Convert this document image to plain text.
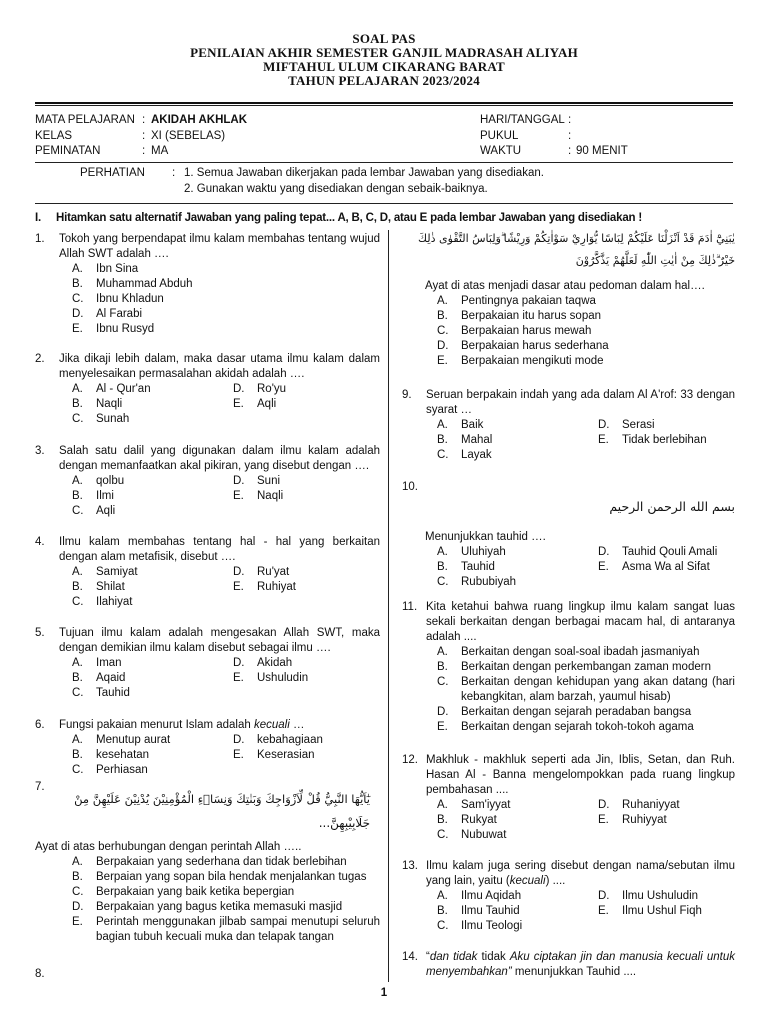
SOAL PAS
PENILAIAN AKHIR SEMESTER GANJIL MADRASAH ALIYAH
MIFTAHUL ULUM CIKARANG BARAT
TAHUN PELAJARAN 2023/2024
MATA PELAJARAN : AKIDAH AKHLAK	HARI/TANGGAL :
KELAS	: XI (SEBELAS)	PUKUL	:
PEMINATAN	: MA	WAKTU	: 90 MENIT
PERHATIAN : 1. Semua Jawaban dikerjakan pada lembar Jawaban yang disediakan.
2. Gunakan waktu yang disediakan dengan sebaik-baiknya.
I. Hitamkan satu alternatif Jawaban yang paling tepat... A, B, C, D, atau E pada lembar Jawaban yang disediakan !
1. Tokoh yang berpendapat ilmu kalam membahas tentang wujud Allah SWT adalah ….
A. Ibn Sina
B. Muhammad Abduh
C. Ibnu Khladun
D. Al Farabi
E. Ibnu Rusyd
2. Jika dikaji lebih dalam, maka dasar utama ilmu kalam dalam menyelesaikan permasalahan akidah adalah ….
A. Al - Qur'an	D. Ro'yu
B. Naqli	E. Aqli
C. Sunah
3. Salah satu dalil yang digunakan dalam ilmu kalam adalah dengan memanfaatkan akal pikiran, yang disebut dengan ….
A. qolbu	D. Suni
B. Ilmi	E. Naqli
C. Aqli
4. Ilmu kalam membahas tentang hal - hal yang berkaitan dengan alam metafisik, disebut ….
A. Samiyat	D. Ru'yat
B. Shilat	E. Ruhiyat
C. Ilahiyat
5. Tujuan ilmu kalam adalah mengesakan Allah SWT, maka dengan demikian ilmu kalam disebut sebagai ilmu ….
A. Iman	D. Akidah
B. Aqaid	E. Ushuludin
C. Tauhid
6. Fungsi pakaian menurut Islam adalah kecuali …
A. Menutup aurat	D. kebahagiaan
B. kesehatan	E. Keserasian
C. Perhiasan
7.
يٰٓاَيُّهَا النَّبِيُّ قُلْ لِّاَزْوَاجِكَ وَبَنٰتِكَ وَنِسَاۤءِ الْمُؤْمِنِيْنَ يُدْنِيْنَ عَلَيْهِنَّ مِنْ
جَلَابِيْبِهِنَّ...
Ayat di atas berhubungan dengan perintah Allah …..
A. Berpakaian yang sederhana dan tidak berlebihan
B. Berpaian yang sopan bila hendak menjalankan tugas
C. Berpakaian yang baik ketika bepergian
D. Berpakaian yang bagus ketika memasuki masjid
E. Perintah menggunakan jilbab sampai menutupi seluruh bagian tubuh kecuali muka dan telapak tangan
8.
يٰبَنِيْٓ اٰدَمَ قَدْ اَنْزَلْنَا عَلَيْكُمْ لِبَاسًا يُّوَارِيْ سَوْاٰتِكُمْ وَرِيْشًا ۗوَلِبَاسُ التَّقْوٰى ذٰلِكَ
خَيْرٌ ۗذٰلِكَ مِنْ اٰيٰتِ اللّٰهِ لَعَلَّهُمْ يَذَّكَّرُوْنَ
Ayat di atas menjadi dasar atau pedoman dalam hal….
A. Pentingnya pakaian taqwa
B. Berpakaian itu harus sopan
C. Berpakaian harus mewah
D. Berpakaian harus sederhana
E. Berpakaian mengikuti mode
9. Seruan berpakain indah yang ada dalam Al A'rof: 33 dengan syarat …
A. Baik	D. Serasi
B. Mahal	E. Tidak berlebihan
C. Layak
10.
بسم الله الرحمن الرحيم
Menunjukkan tauhid ….
A. Uluhiyah	D. Tauhid Qouli Amali
B. Tauhid	E. Asma Wa al Sifat
C. Rububiyah
11. Kita ketahui bahwa ruang lingkup ilmu kalam sangat luas sekali berkaitan dengan berbagai macam hal, di antaranya adalah ....
A. Berkaitan dengan soal-soal ibadah jasmaniyah
B. Berkaitan dengan perkembangan zaman modern
C. Berkaitan dengan kehidupan yang akan datang (hari kebangkitan, alam barzah, yaumul hisab)
D. Berkaitan dengan sejarah peradaban bangsa
E. Berkaitan dengan sejarah tokoh-tokoh agama
12. Makhluk - makhluk seperti ada Jin, Iblis, Setan, dan Ruh. Hasan Al - Banna mengelompokkan pada ruang lingkup pembahasan ....
A. Sam'iyyat	D. Ruhaniyyat
B. Rukyat	E. Ruhiyyat
C. Nubuwat
13. Ilmu kalam juga sering disebut dengan nama/sebutan ilmu yang lain, yaitu (kecuali) ....
A. Ilmu Aqidah	D. Ilmu Ushuludin
B. Ilmu Tauhid	E. Ilmu Ushul Fiqh
C. Ilmu Teologi
14. “dan tidak tidak Aku ciptakan jin dan manusia kecuali untuk menyembahkan” menunjukkan Tauhid ....
1
